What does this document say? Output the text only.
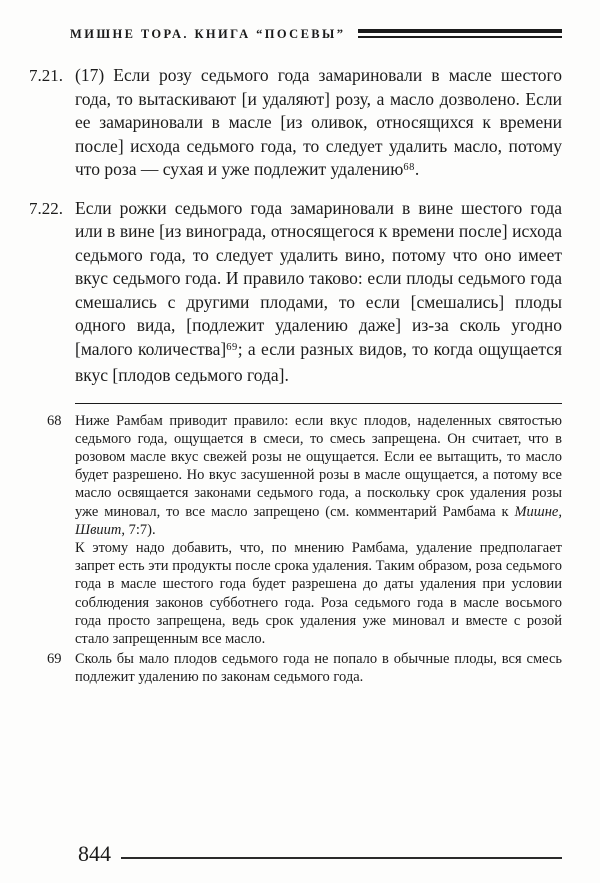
МИШНЕ ТОРА. КНИГА “ПОСЕВЫ”
7.21. (17) Если розу седьмого года замариновали в масле шестого года, то вытаскивают [и удаляют] розу, а масло дозволено. Если ее замариновали в масле [из оливок, относящихся к времени после] исхода седьмого года, то следует удалить масло, потому что роза — сухая и уже подлежит удалению$^{68}$.
7.22. Если рожки седьмого года замариновали в вине шестого года или в вине [из винограда, относящегося к времени после] исхода седьмого года, то следует удалить вино, потому что оно имеет вкус седьмого года. И правило таково: если плоды седьмого года смешались с другими плодами, то если [смешались] плоды одного вида, [подлежит удалению даже] из-за сколь угодно [малого количества]$^{69}$; а если разных видов, то когда ощущается вкус [плодов седьмого года].
68 Ниже Рамбам приводит правило: если вкус плодов, наделенных святостью седьмого года, ощущается в смеси, то смесь запрещена. Он считает, что в розовом масле вкус свежей розы не ощущается. Если ее вытащить, то масло будет разрешено. Но вкус засушенной розы в масле ощущается, а потому все масло освящается законами седьмого года, а поскольку срок удаления розы уже миновал, то все масло запрещено (см. комментарий Рамбама к Мишне, Швиит, 7:7).
К этому надо добавить, что, по мнению Рамбама, удаление предполагает запрет есть эти продукты после срока удаления. Таким образом, роза седьмого года в масле шестого года будет разрешена до даты удаления при условии соблюдения законов субботнего года. Роза седьмого года в масле восьмого года просто запрещена, ведь срок удаления уже миновал и вместе с розой стало запрещенным все масло.
69 Сколь бы мало плодов седьмого года не попало в обычные плоды, вся смесь подлежит удалению по законам седьмого года.
844
